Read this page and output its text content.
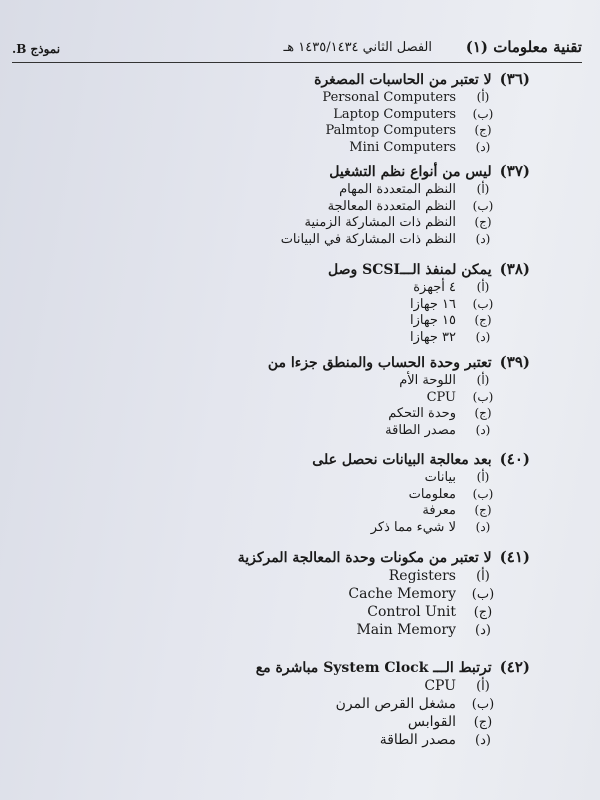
تقنية معلومات (١)
الفصل الثاني ١٤٣٥/١٤٣٤ هـ
نموذج B.
(٣٦)
لا تعتبر من الحاسبات المصغرة
(أ)
Personal Computers
(ب)
Laptop Computers
(ج)
Palmtop Computers
(د)
Mini Computers
(٣٧)
ليس من أنواع نظم التشغيل
(أ)
النظم المتعددة المهام
(ب)
النظم المتعددة المعالجة
(ج)
النظم ذات المشاركة الزمنية
(د)
النظم ذات المشاركة في البيانات
(٣٨)
يمكن لمنفذ الـــSCSI وصل
(أ)
٤ أجهزة
(ب)
١٦ جهازا
(ج)
١٥ جهازا
(د)
٣٢ جهازا
(٣٩)
تعتبر وحدة الحساب والمنطق جزءا من
(أ)
اللوحة الأم
(ب)
CPU
(ج)
وحدة التحكم
(د)
مصدر الطاقة
(٤٠)
بعد معالجة البيانات نحصل على
(أ)
بيانات
(ب)
معلومات
(ج)
معرفة
(د)
لا شيء مما ذكر
(٤١)
لا تعتبر من مكونات وحدة المعالجة المركزية
(أ)
Registers
(ب)
Cache Memory
(ج)
Control Unit
(د)
Main Memory
(٤٢)
ترتبط الـــ System Clock مباشرة مع
(أ)
CPU
(ب)
مشغل القرص المرن
(ج)
القوابس
(د)
مصدر الطاقة
